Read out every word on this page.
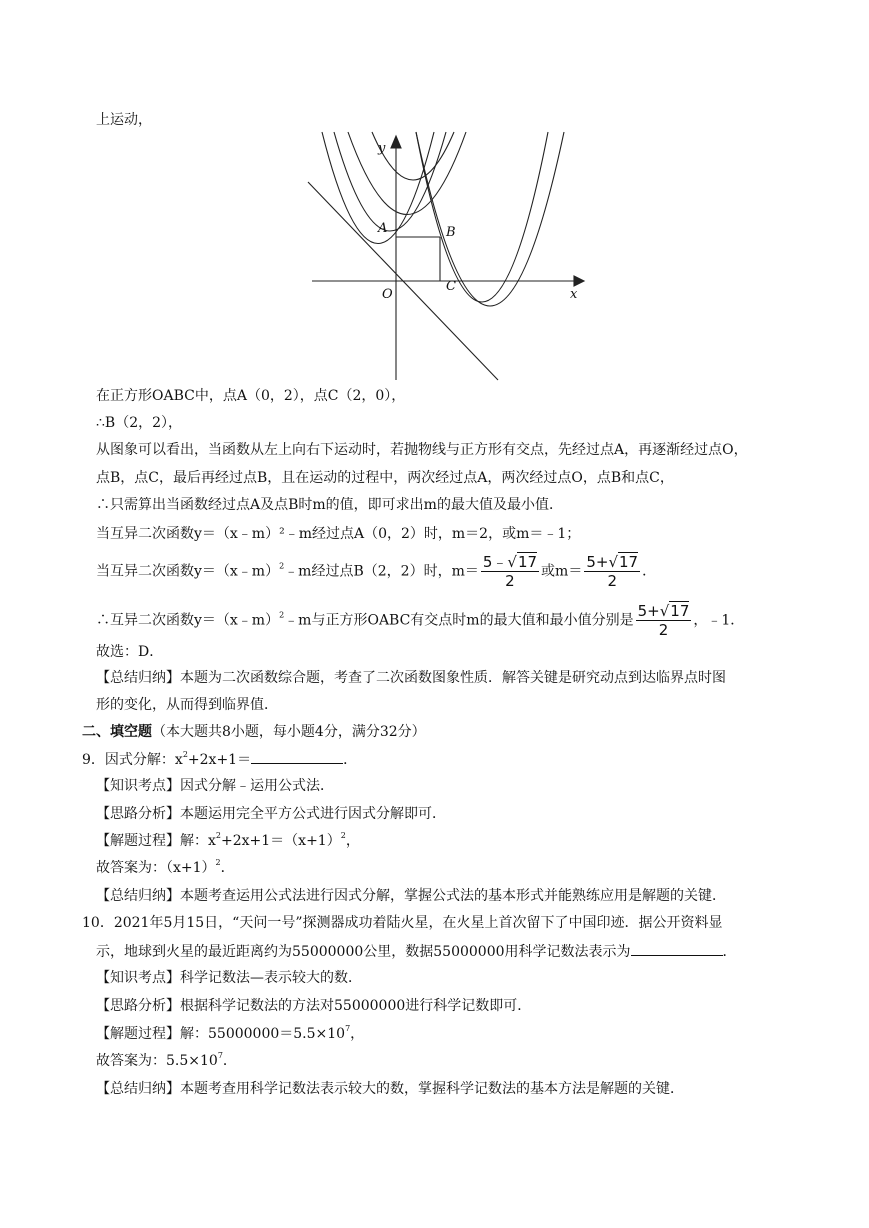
上运动，
y
x
A	B
C
O
在正方形OABC中，点A（0，2），点C（2，0），
∴B（2，2），
从图象可以看出，当函数从左上向右下运动时，若抛物线与正方形有交点，先经过点A，再逐渐经过点O，
点B，点C，最后再经过点B，且在运动的过程中，两次经过点A，两次经过点O，点B和点C，
∴只需算出当函数经过点A及点B时m的值，即可求出m的最大值及最小值．
当互异二次函数y＝（x﹣m）²﹣m经过点A（0，2）时，m＝2，或m＝﹣1；
当互异二次函数y＝（x﹣m）$^2$﹣m经过点B（2，2）时，$m= \frac{5﹣√17}{2}$ 或$m= \frac{5+√17}{2}$ ．
∴互异二次函数y＝（x﹣m）$^2$﹣m与正方形OABC有交点时m的最大值和最小值分别是 $\frac{5+√17}{2}$ ，﹣1．
故选：D．
【总结归纳】本题为二次函数综合题，考查了二次函数图象性质．解答关键是研究动点到达临界点时图
形的变化，从而得到临界值．
二、填空题（本大题共8小题，每小题4分，满分32分）
9．因式分解：$x^2+2x+1=$	．
【知识考点】因式分解﹣运用公式法．
【思路分析】本题运用完全平方公式进行因式分解即可．
【解题过程】解：$x^2+2x+1=(x+1)^2$，
故答案为：$(x+1)^2$．
【总结归纳】本题考查运用公式法进行因式分解，掌握公式法的基本形式并能熟练应用是解题的关键．
10．2021年5月15日，“天问一号”探测器成功着陆火星，在火星上首次留下了中国印迹．据公开资料显
示，地球到火星的最近距离约为55000000公里，数据55000000用科学记数法表示为	．
【知识考点】科学记数法—表示较大的数．
【思路分析】根据科学记数法的方法对55000000进行科学记数即可．
【解题过程】解：$55000000=5.5\times 10^7$，
故答案为：$5.5\times 10^7$．
【总结归纳】本题考查用科学记数法表示较大的数，掌握科学记数法的基本方法是解题的关键．
